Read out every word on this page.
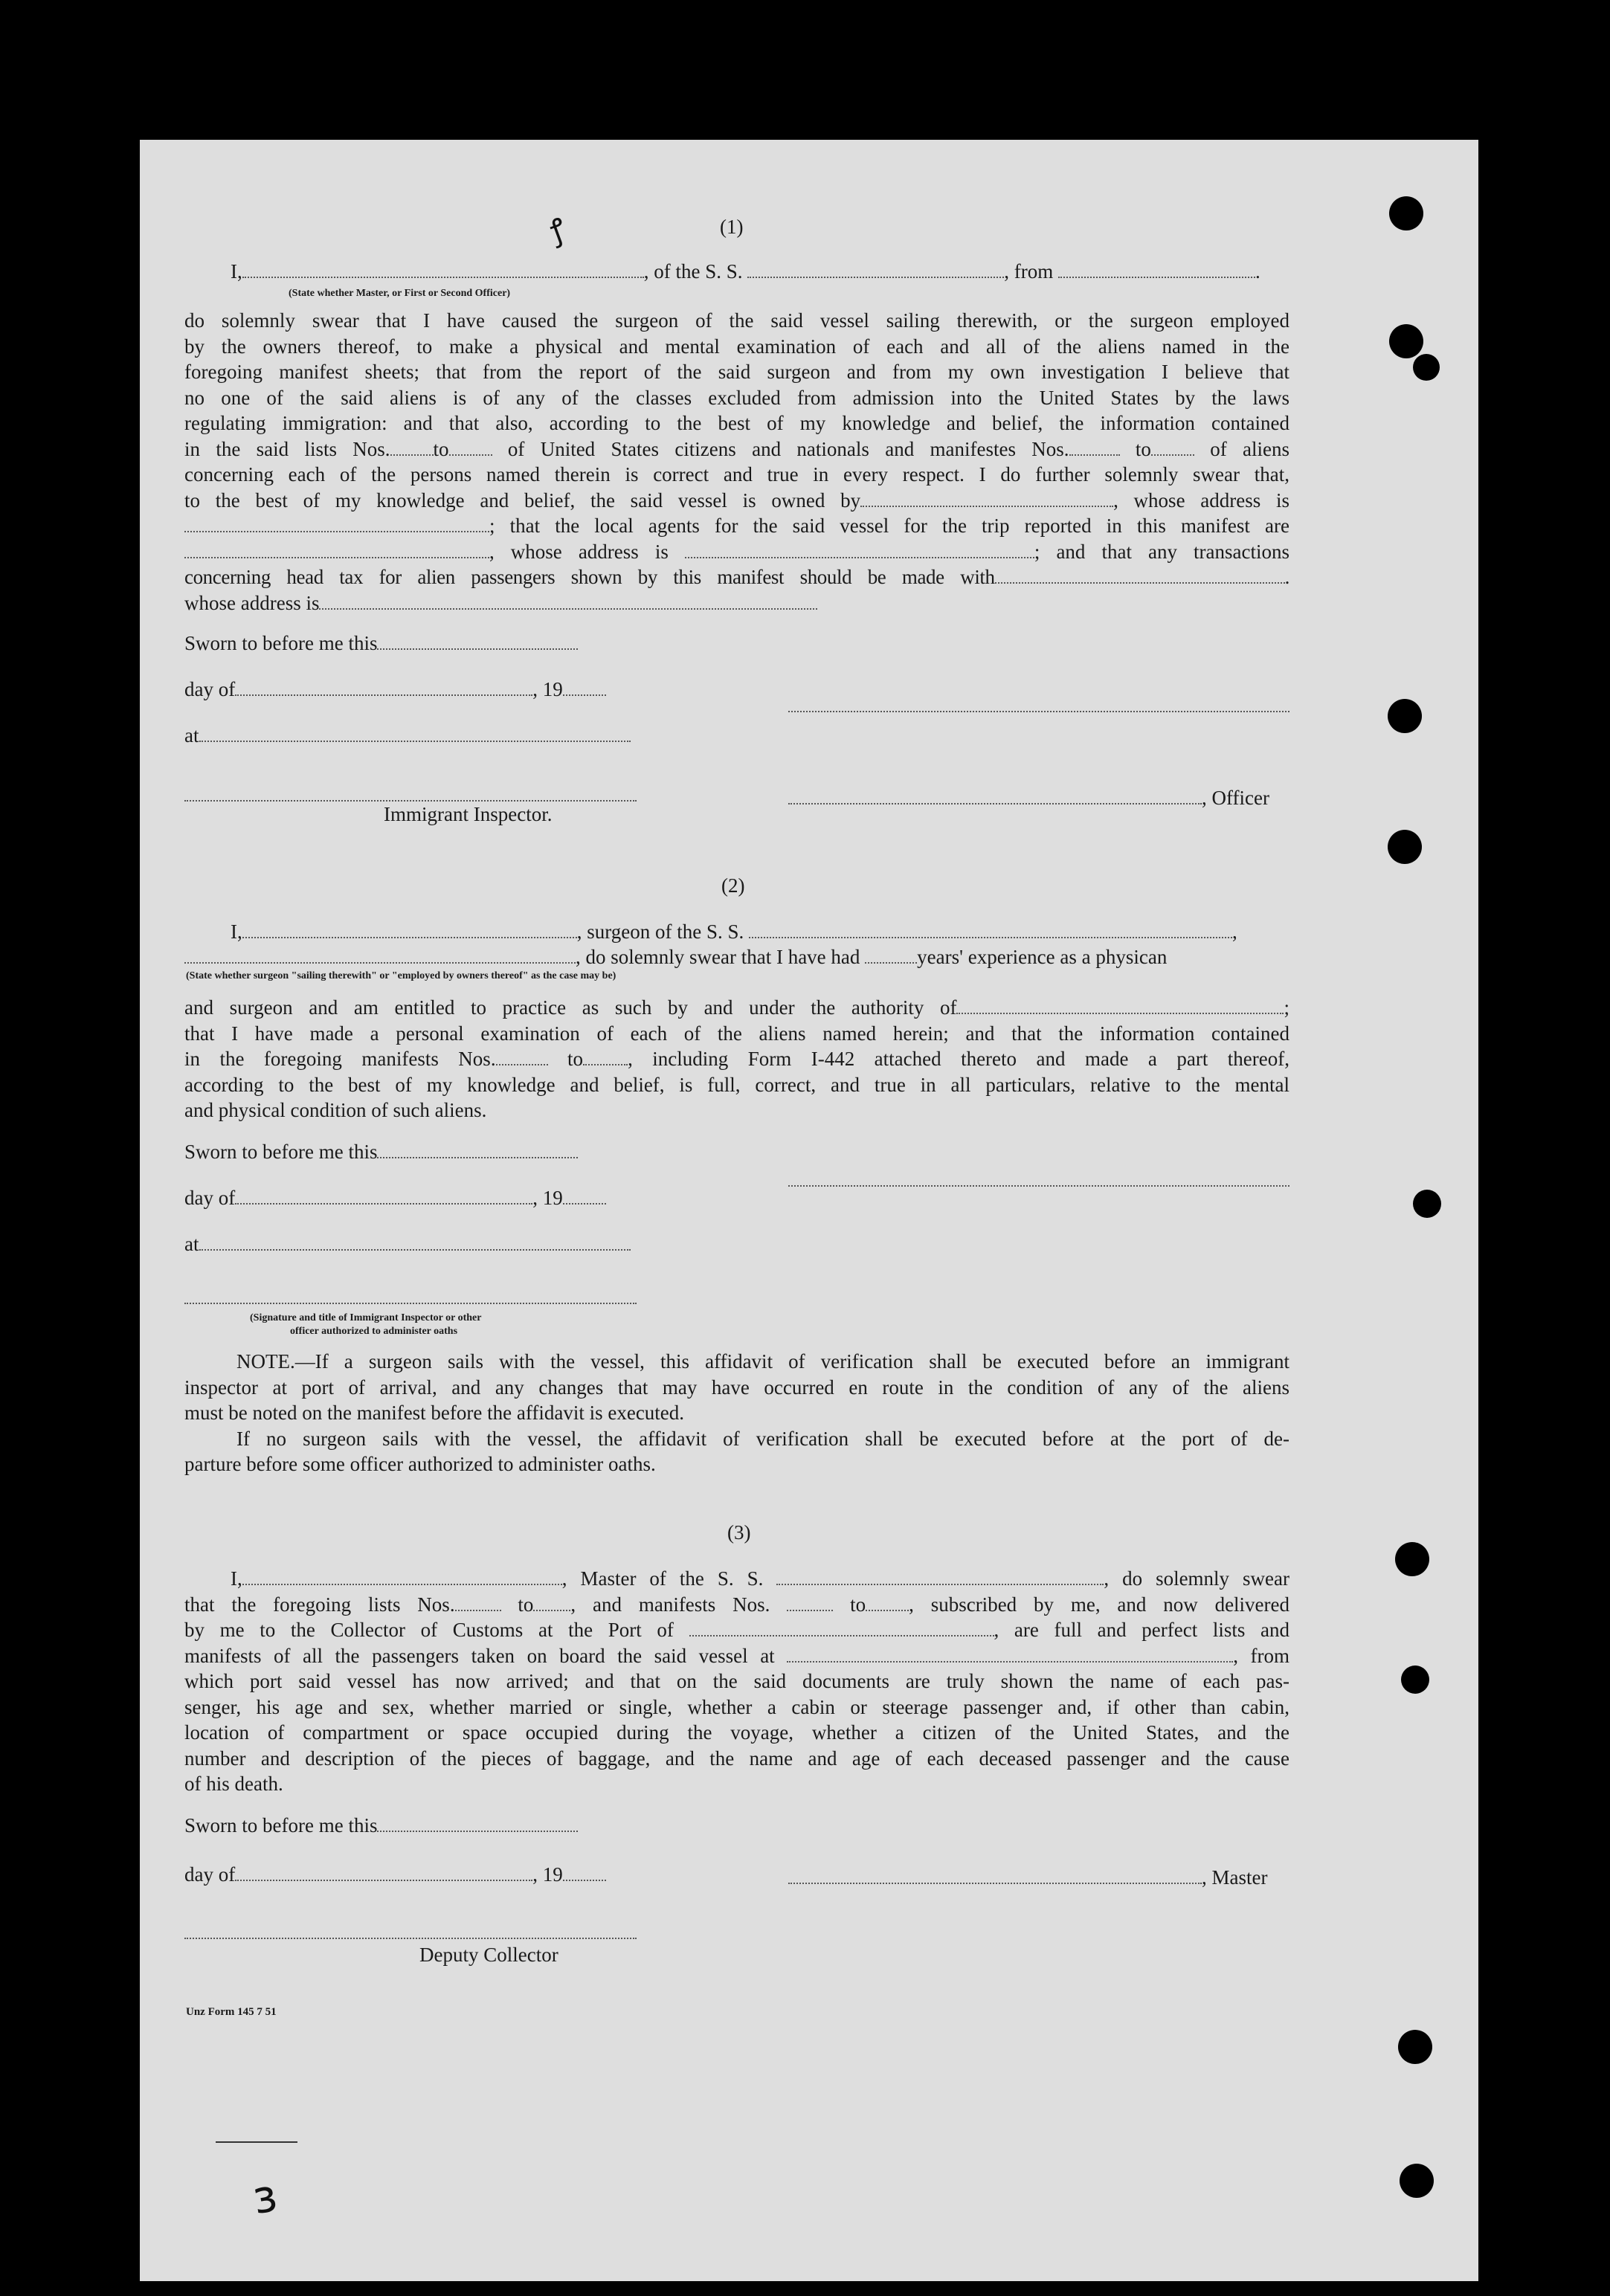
ꝭ
ɜ
(1)
I,	, of the S. S.	, from	.
(State whether Master, or First or Second Officer)

do solemnly swear that I have caused the surgeon of the said vessel sailing therewith, or the surgeon employed

by the owners thereof, to make a physical and mental examination of each and all of the aliens named in the

foregoing manifest sheets; that from the report of the said surgeon and from my own investigation I believe that

no one of the said aliens is of any of the classes excluded from admission into the United States by the laws

regulating immigration: and that also, according to the best of my knowledge and belief, the information contained

in the said lists Nos. to	of United States citizens and nationals and manifestes Nos.	to	of aliens

concerning each of the persons named therein is correct and true in every respect. I do further solemnly swear that,

to the best of my knowledge and belief, the said vessel is owned by	, whose address is

; that the local agents for the said vessel for the trip reported in this manifest are

, whose address is	; and that any transactions

concerning head tax for alien passengers shown by this manifest should be made with	.

whose address is

Sworn to before me this
day of	, 19
at
, Officer
Immigrant Inspector.
(2)
I,	, surgeon of the S. S.	,
, do solemnly swear that I have had	years' experience as a physican
(State whether surgeon "sailing therewith" or "employed by owners thereof" as the case may be)

and surgeon and am entitled to practice as such by and under the authority of	;

that I have made a personal examination of each of the aliens named herein; and that the information contained

in the foregoing manifests Nos.	to , including Form I-442 attached thereto and made a part thereof,

according to the best of my knowledge and belief, is full, correct, and true in all particulars, relative to the mental

and physical condition of such aliens.

Sworn to before me this
day of	, 19
at
(Signature and title of Immigrant Inspector or other
officer authorized to administer oaths

NOTE.—If a surgeon sails with the vessel, this affidavit of verification shall be executed before an immigrant

inspector at port of arrival, and any changes that may have occurred en route in the condition of any of the aliens

must be noted on the manifest before the affidavit is executed.

If no surgeon sails with the vessel, the affidavit of verification shall be executed before at the port of de-

parture before some officer authorized to administer oaths.

(3)

I,	, Master of the S. S.	, do solemnly swear

that the foregoing lists Nos.	to , and manifests Nos.	to , subscribed by me, and now delivered

by me to the Collector of Customs at the Port of	, are full and perfect lists and

manifests of all the passengers taken on board the said vessel at	, from

which port said vessel has now arrived; and that on the said documents are truly shown the name of each pas-

senger, his age and sex, whether married or single, whether a cabin or steerage passenger and, if other than cabin,

location of compartment or space occupied during the voyage, whether a citizen of the United States, and the

number and description of the pieces of baggage, and the name and age of each deceased passenger and the cause

of his death.

Sworn to before me this
day of	, 19	, Master
Deputy Collector
Unz Form 145 7 51
